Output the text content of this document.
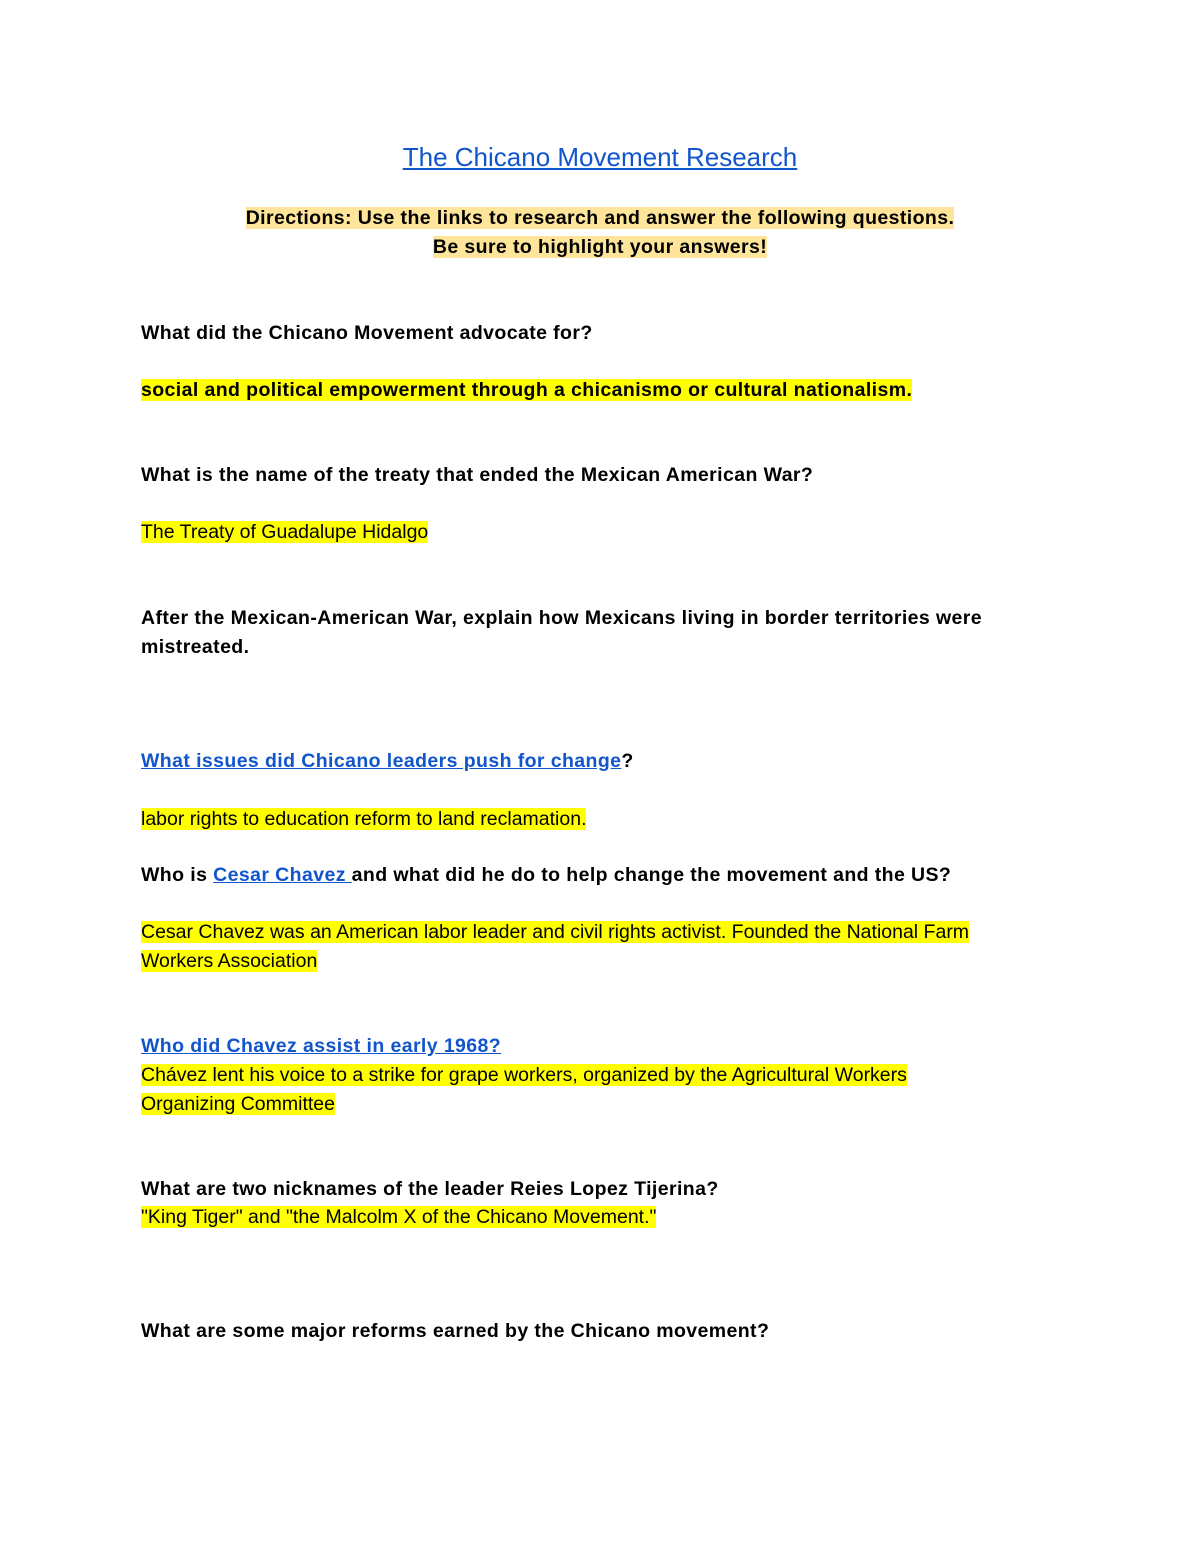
The Chicano Movement Research
Directions: Use the links to research and answer the following questions.
Be sure to highlight your answers!
What did the Chicano Movement advocate for?
social and political empowerment through a chicanismo or cultural nationalism.
What is the name of the treaty that ended the Mexican American War?
The Treaty of Guadalupe Hidalgo
After the Mexican-American War, explain how Mexicans living in border territories were
mistreated.
What issues did Chicano leaders push for change?
labor rights to education reform to land reclamation.
Who is Cesar Chavez and what did he do to help change the movement and the US?
Cesar Chavez was an American labor leader and civil rights activist. Founded the National Farm
Workers Association
Who did Chavez assist in early 1968?
Chávez lent his voice to a strike for grape workers, organized by the Agricultural Workers
Organizing Committee
What are two nicknames of the leader Reies Lopez Tijerina?
"King Tiger" and "the Malcolm X of the Chicano Movement."
What are some major reforms earned by the Chicano movement?
